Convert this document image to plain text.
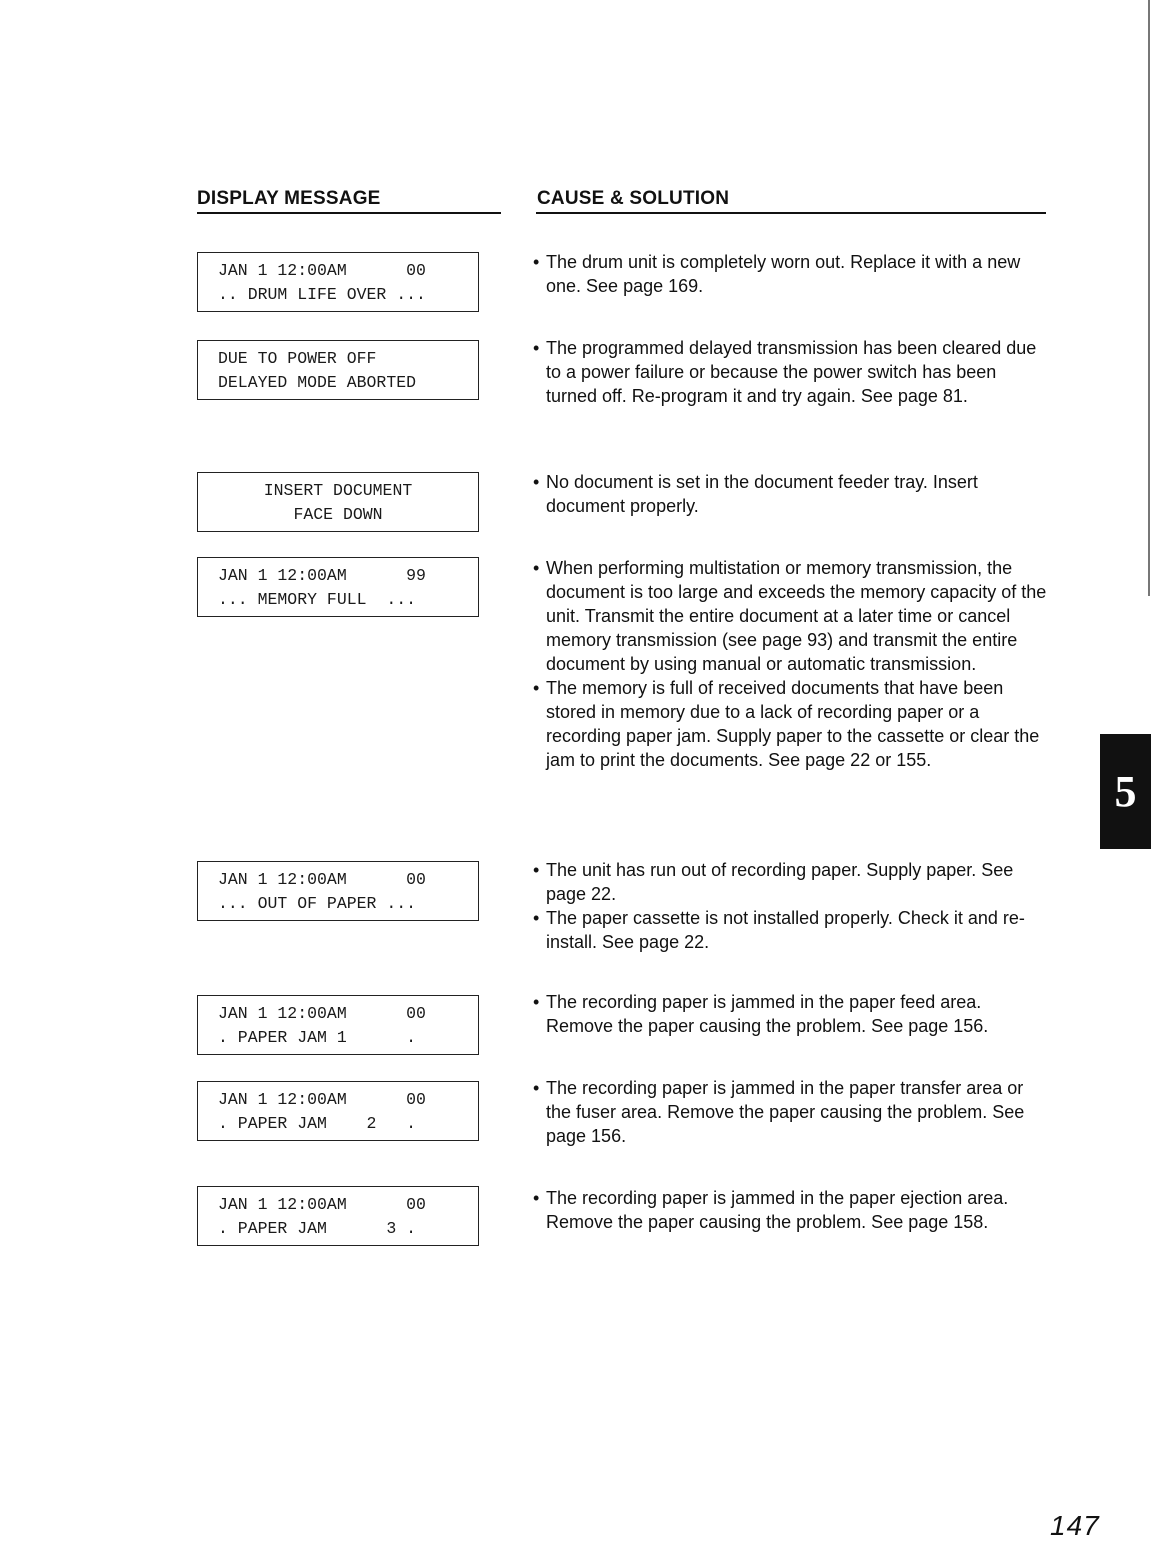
DISPLAY MESSAGE	CAUSE & SOLUTION
JAN 1 12:00AM      00
.. DRUM LIFE OVER ...
• The drum unit is completely worn out. Replace it with a new one. See page 169.
DUE TO POWER OFF
DELAYED MODE ABORTED
• The programmed delayed transmission has been cleared due to a power failure or because the power switch has been turned off. Re-program it and try again. See page 81.
INSERT DOCUMENT
FACE DOWN
• No document is set in the document feeder tray. Insert document properly.
JAN 1 12:00AM      99
... MEMORY FULL  ...
• When performing multistation or memory transmission, the document is too large and exceeds the memory capacity of the unit. Transmit the entire document at a later time or cancel memory transmission (see page 93) and transmit the entire document by using manual or automatic transmission.
• The memory is full of received documents that have been stored in memory due to a lack of recording paper or a recording paper jam. Supply paper to the cassette or clear the jam to print the documents. See page 22 or 155.
JAN 1 12:00AM      00
... OUT OF PAPER ...
• The unit has run out of recording paper. Supply paper. See page 22.
• The paper cassette is not installed properly. Check it and re-install. See page 22.
JAN 1 12:00AM      00
. PAPER JAM 1      .
• The recording paper is jammed in the paper feed area. Remove the paper causing the problem. See page 156.
JAN 1 12:00AM      00
. PAPER JAM    2   .
• The recording paper is jammed in the paper transfer area or the fuser area. Remove the paper causing the problem. See page 156.
JAN 1 12:00AM      00
. PAPER JAM      3 .
• The recording paper is jammed in the paper ejection area. Remove the paper causing the problem. See page 158.
5
147
